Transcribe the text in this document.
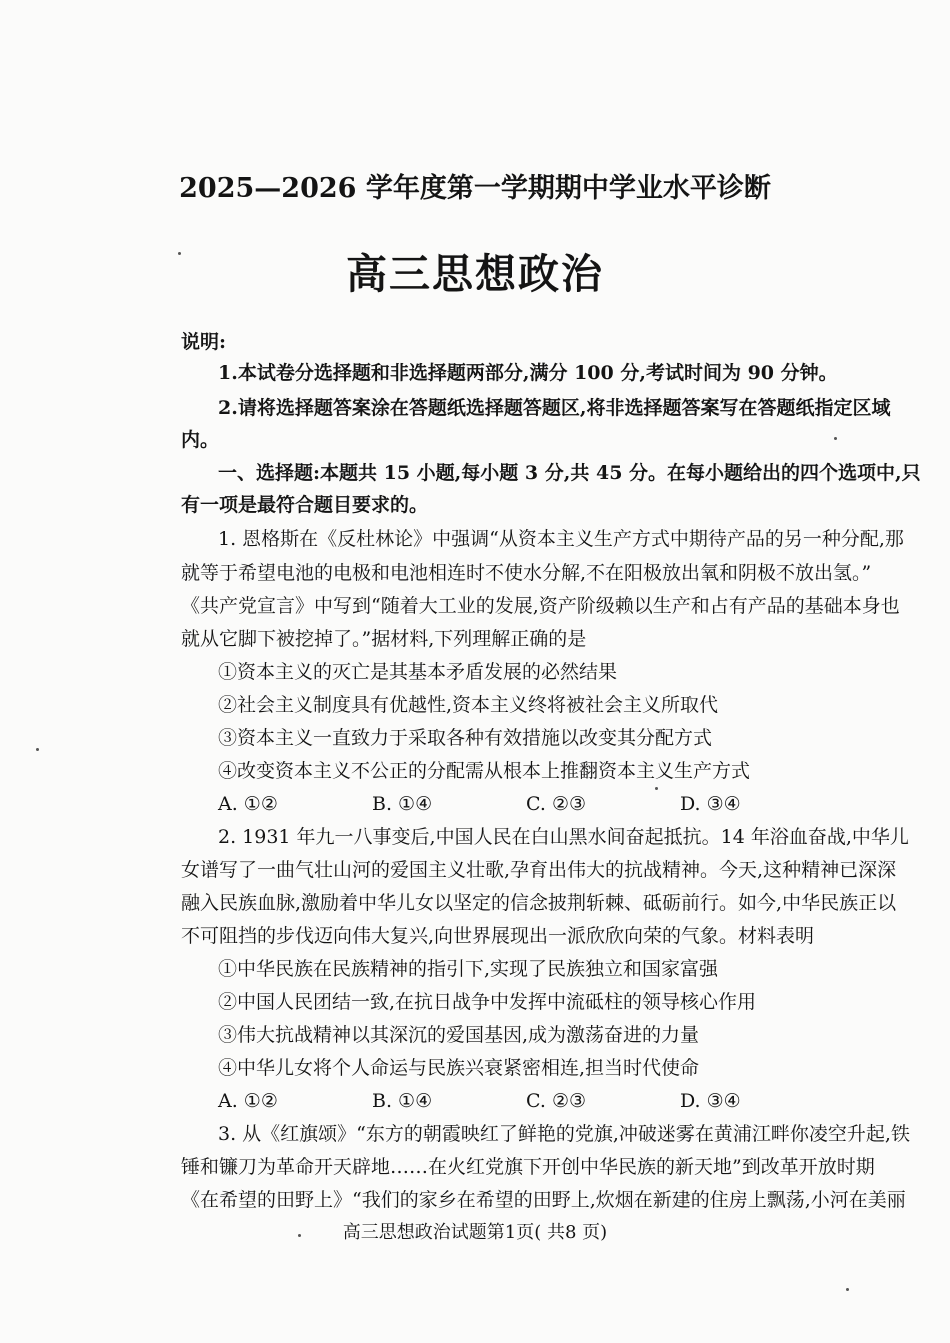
2025—2026 学年度第一学期期中学业水平诊断
高三思想政治
说明:
1.本试卷分选择题和非选择题两部分,满分 100 分,考试时间为 90 分钟。
2.请将选择题答案涂在答题纸选择题答题区,将非选择题答案写在答题纸指定区域
内。
一、选择题:本题共 15 小题,每小题 3 分,共 45 分。在每小题给出的四个选项中,只
有一项是最符合题目要求的。
1. 恩格斯在《反杜林论》中强调“从资本主义生产方式中期待产品的另一种分配,那
就等于希望电池的电极和电池相连时不使水分解,不在阳极放出氧和阴极不放出氢。”
《共产党宣言》中写到“随着大工业的发展,资产阶级赖以生产和占有产品的基础本身也
就从它脚下被挖掉了。”据材料,下列理解正确的是
①资本主义的灭亡是其基本矛盾发展的必然结果
②社会主义制度具有优越性,资本主义终将被社会主义所取代
③资本主义一直致力于采取各种有效措施以改变其分配方式
④改变资本主义不公正的分配需从根本上推翻资本主义生产方式
A. ①②	B. ①④	C. ②③	D. ③④
2. 1931 年九一八事变后,中国人民在白山黑水间奋起抵抗。14 年浴血奋战,中华儿
女谱写了一曲气壮山河的爱国主义壮歌,孕育出伟大的抗战精神。今天,这种精神已深深
融入民族血脉,激励着中华儿女以坚定的信念披荆斩棘、砥砺前行。如今,中华民族正以
不可阻挡的步伐迈向伟大复兴,向世界展现出一派欣欣向荣的气象。材料表明
①中华民族在民族精神的指引下,实现了民族独立和国家富强
②中国人民团结一致,在抗日战争中发挥中流砥柱的领导核心作用
③伟大抗战精神以其深沉的爱国基因,成为激荡奋进的力量
④中华儿女将个人命运与民族兴衰紧密相连,担当时代使命
A. ①②	B. ①④	C. ②③	D. ③④
3. 从《红旗颂》“东方的朝霞映红了鲜艳的党旗,冲破迷雾在黄浦江畔你凌空升起,铁
锤和镰刀为革命开天辟地……在火红党旗下开创中华民族的新天地”到改革开放时期
《在希望的田野上》“我们的家乡在希望的田野上,炊烟在新建的住房上飘荡,小河在美丽
高三思想政治试题第1页( 共8 页)
